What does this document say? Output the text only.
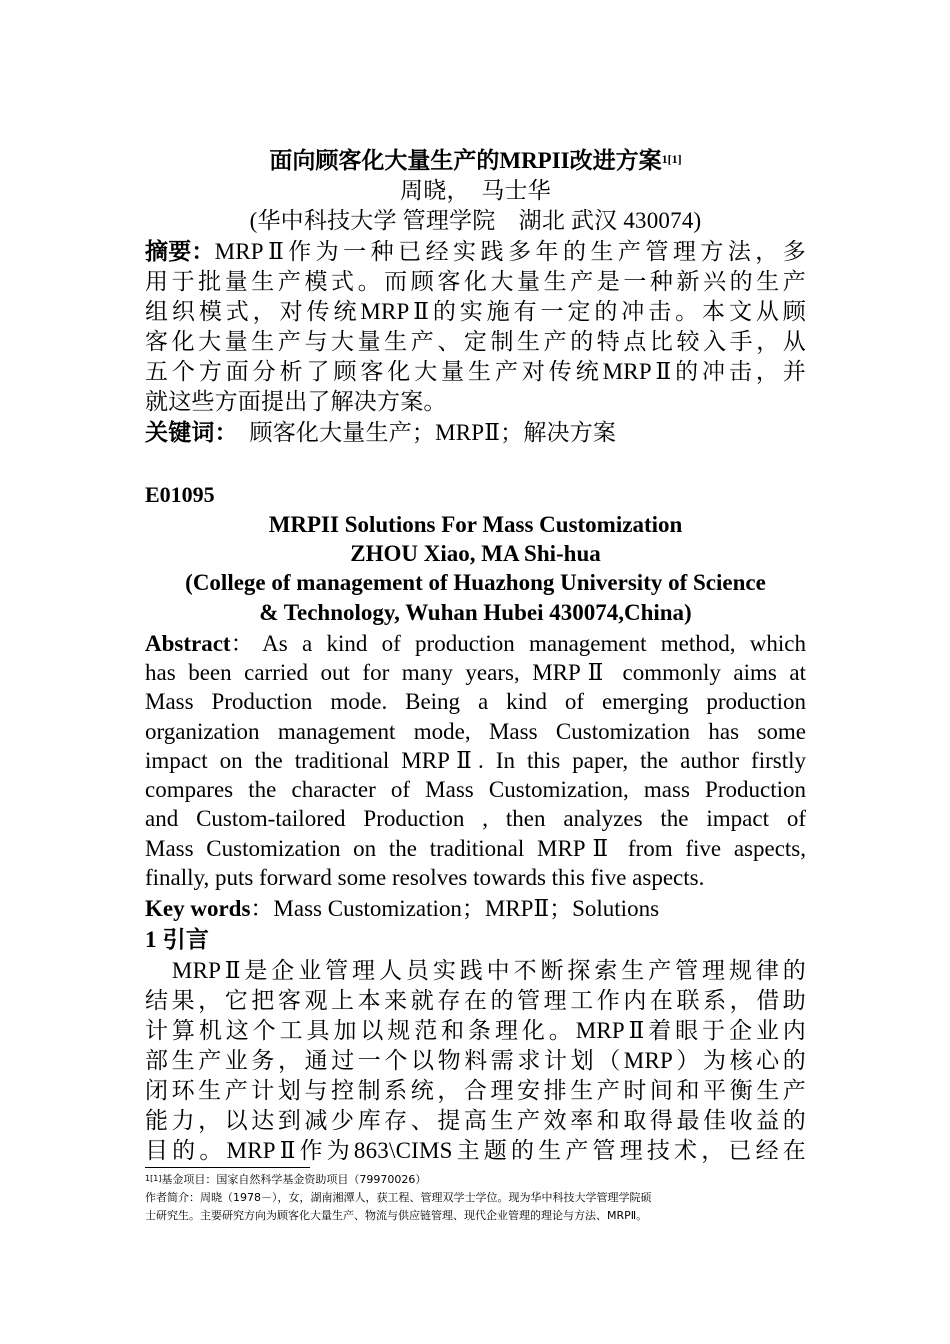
面向顾客化大量生产的MRPII改进方案$^{1[1]}$
周晓，　马士华
(华中科技大学 管理学院　湖北 武汉 430074)
摘要： MRPⅡ作为一种已经实践多年的生产管理方法，多
用于批量生产模式。而顾客化大量生产是一种新兴的生产
组织模式，对传统MRPⅡ的实施有一定的冲击。本文从顾
客化大量生产与大量生产、定制生产的特点比较入手，从
五个方面分析了顾客化大量生产对传统MRPⅡ的冲击，并
就这些方面提出了解决方案。
关键词：　顾客化大量生产；MRPⅡ；解决方案
E01095
MRPII Solutions For Mass Customization
ZHOU Xiao, MA Shi-hua
(College of management of Huazhong University of Science
& Technology, Wuhan Hubei 430074,China)
Abstract ：As a kind of production management method, which
has been carried out for many years, MRPⅡ commonly aims at
Mass Production mode. Being a kind of emerging production
organization management mode, Mass Customization has some
impact on the traditional MRPⅡ. In this paper, the author firstly
compares the character of Mass Customization, mass Production
and Custom-tailored Production , then analyzes the impact of
Mass Customization on the traditional MRPⅡ from five aspects,
finally, puts forward some resolves towards this five aspects.
Key words：Mass Customization；MRPⅡ；Solutions
1 引言
　MRPⅡ是企业管理人员实践中不断探索生产管理规律的
结果，它把客观上本来就存在的管理工作内在联系，借助
计算机这个工具加以规范和条理化。MRPⅡ着眼于企业内
部生产业务，通过一个以物料需求计划（MRP）为核心的
闭环生产计划与控制系统，合理安排生产时间和平衡生产
能力，以达到减少库存、提高生产效率和取得最佳收益的
目的。MRPⅡ作为863\CIMS主题的生产管理技术，已经在
$^{1[1]}$基金项目：国家自然科学基金资助项目（79970026）
作者简介：周晓（1978－），女，湖南湘潭人，获工程、管理双学士学位。现为华中科技大学管理学院硕
士研究生。主要研究方向为顾客化大量生产、物流与供应链管理、现代企业管理的理论与方法、MRPⅡ。
